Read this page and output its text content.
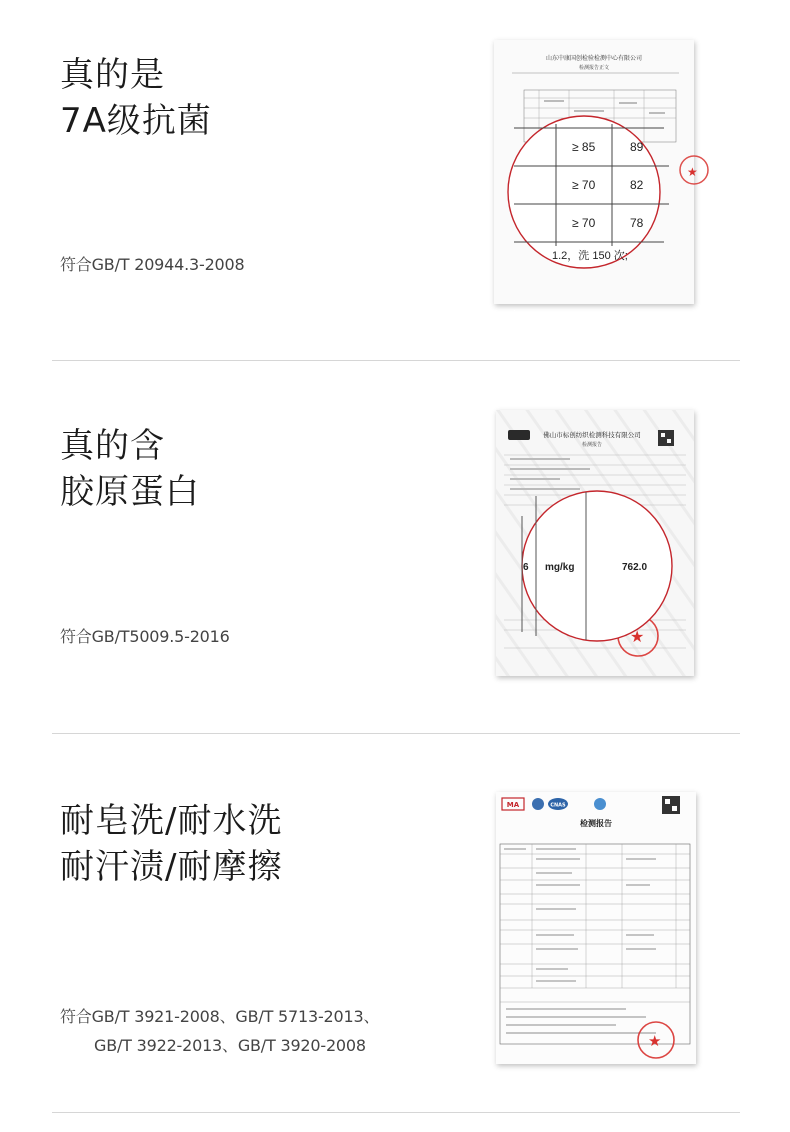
真的是
7A级抗菌
符合GB/T 20944.3-2008
山东中康国创检验检测中心有限公司
检测报告正文
★
≥ 85	89
≥ 70	82
≥ 70	78
1.2，洗 150 次;
真的含
胶原蛋白
符合GB/T5009.5-2016
佛山市标创纺织检测科技有限公司
检测报告
★
6 mg/kg	762.0
耐皂洗/耐水洗
耐汗渍/耐摩擦
符合GB/T 3921-2008、GB/T 5713-2013、
GB/T 3922-2013、GB/T 3920-2008
MA	CNAS
检测报告
★
